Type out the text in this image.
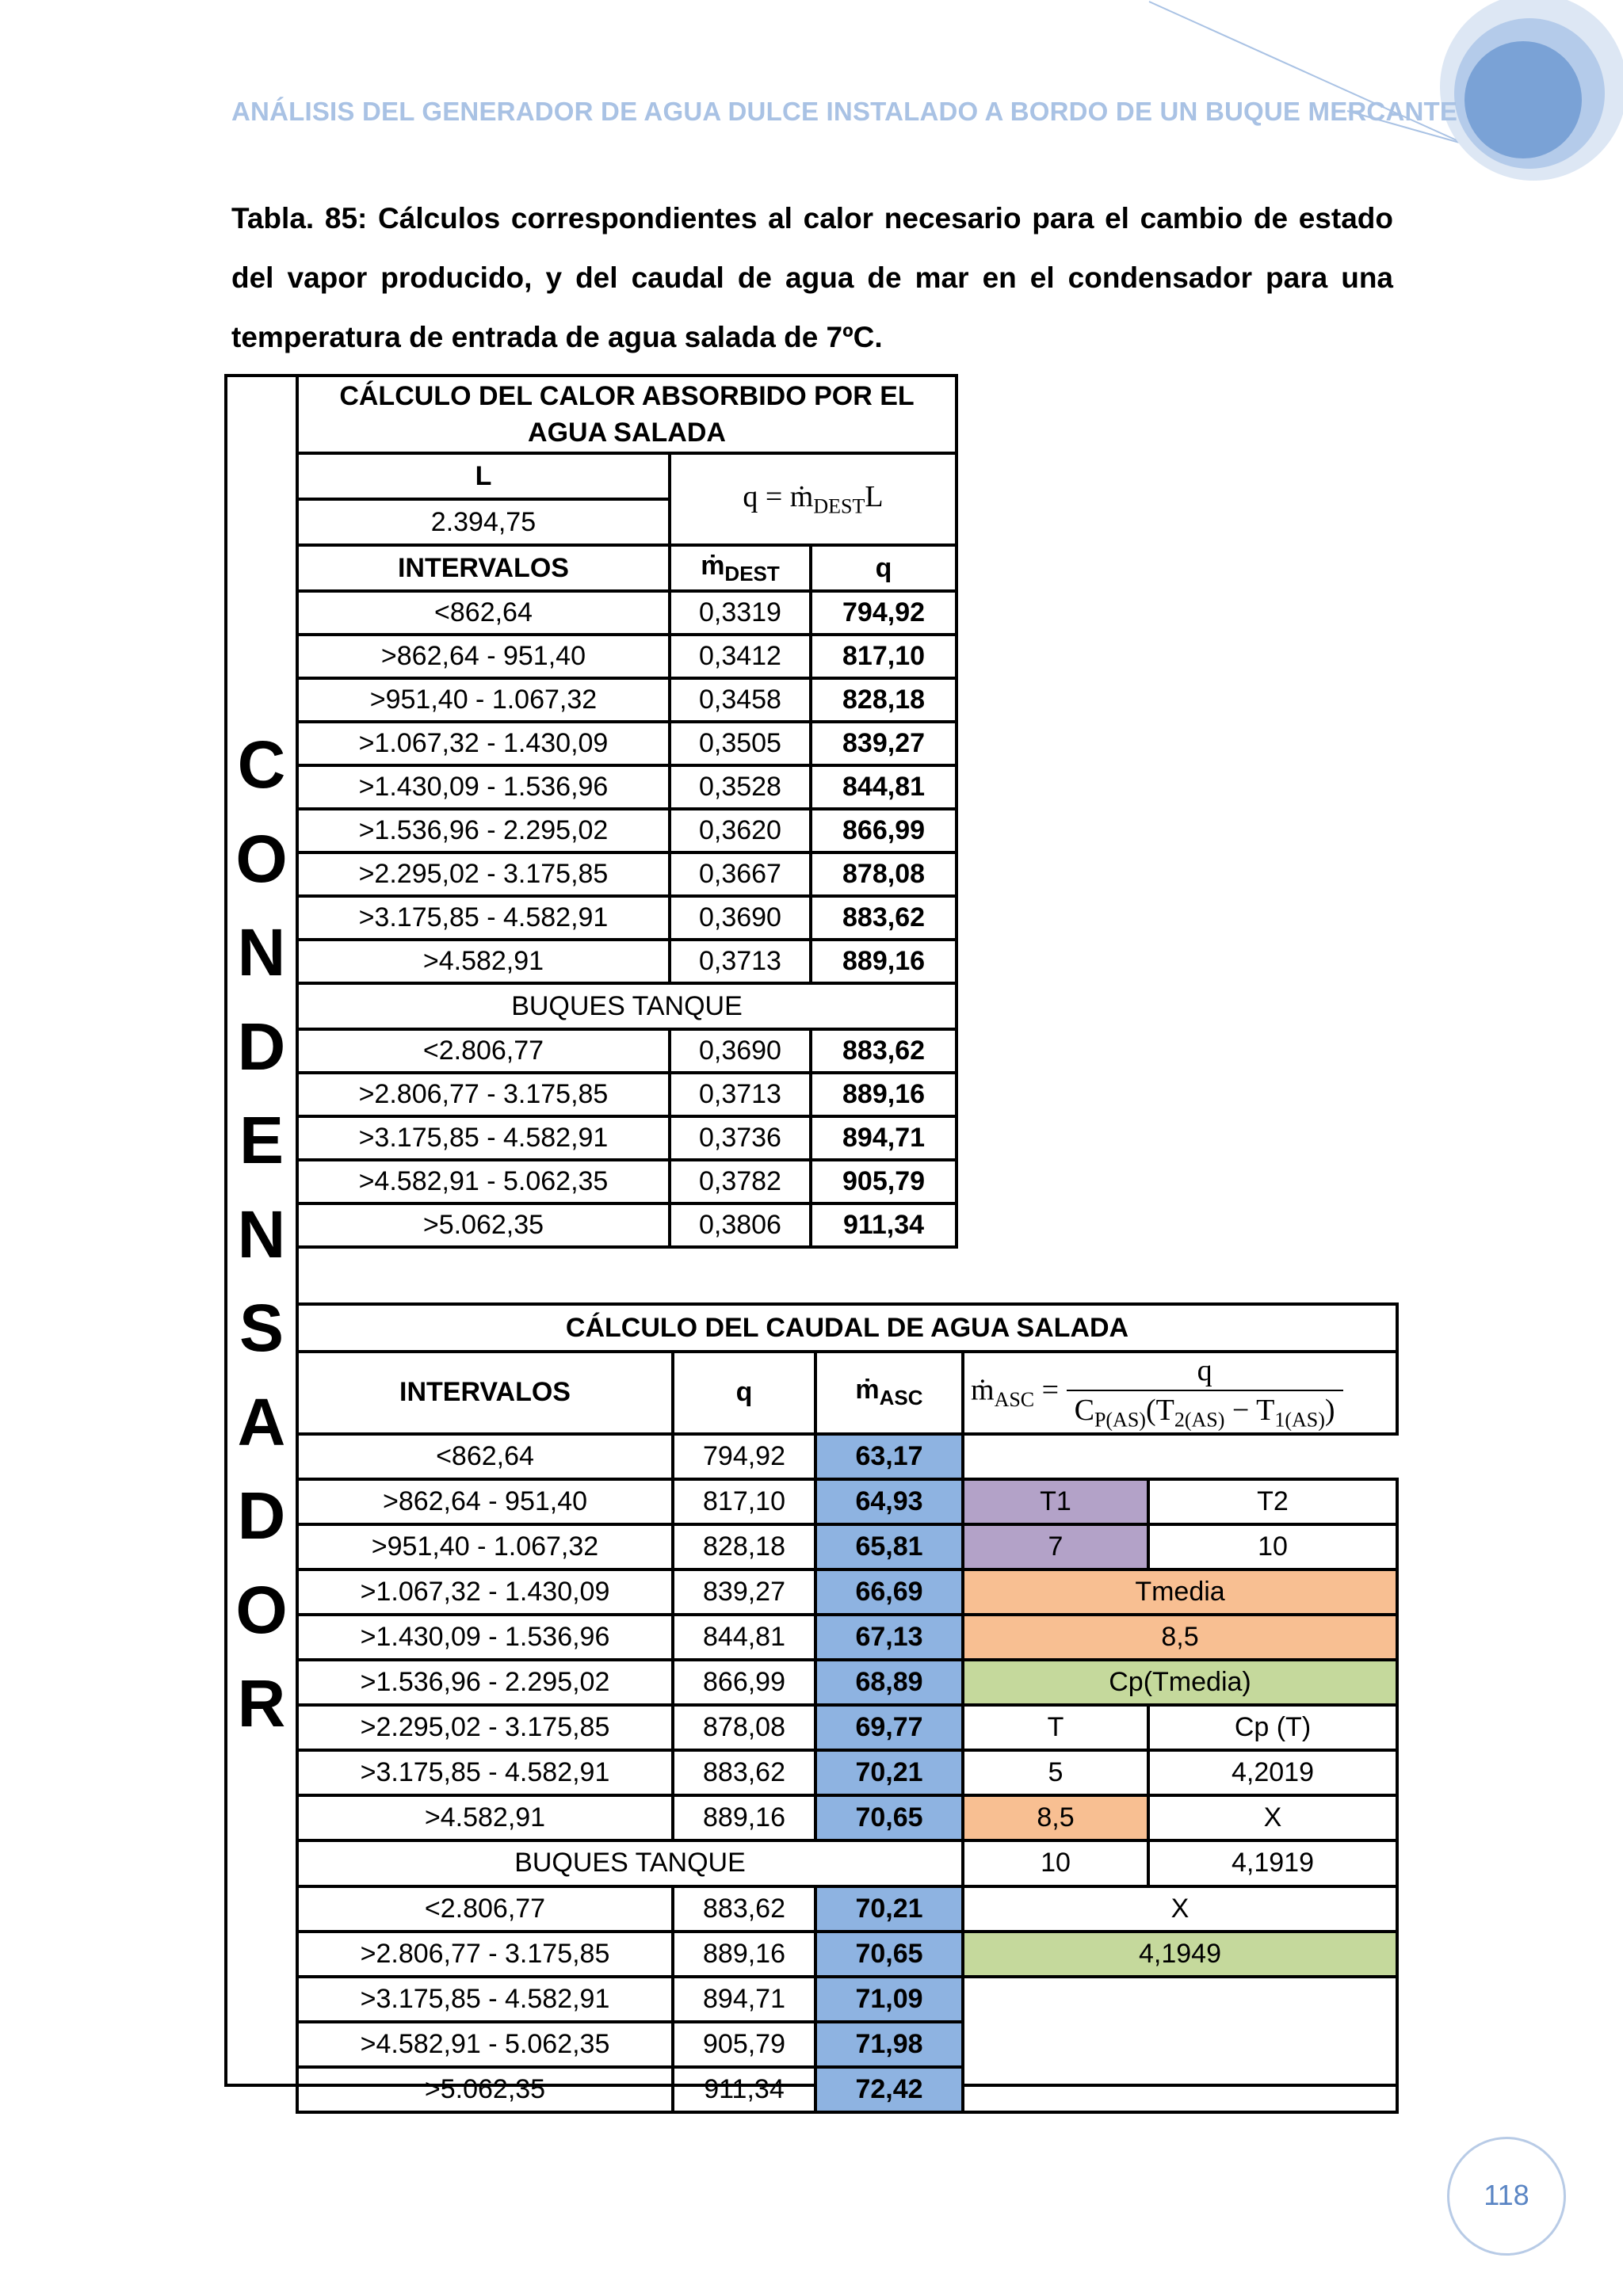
ANÁLISIS DEL GENERADOR DE AGUA DULCE INSTALADO A BORDO DE UN BUQUE MERCANTE
Tabla. 85: Cálculos correspondientes al calor necesario para el cambio de estado del vapor producido, y del caudal de agua de mar en el condensador para una temperatura de entrada de agua salada de 7ºC.
C
O
N
D
E
N
S
A
D
O
R
CÁLCULO DEL CALOR ABSORBIDO POR EL AGUA SALADA		
L	q = ṁ$_{DEST}$L	
2.394,75		
INTERVALOS	ṁ$_{DEST}$	q
<862,64	0,3319	794,92
>862,64 - 951,40	0,3412	817,10
>951,40 - 1.067,32	0,3458	828,18
>1.067,32 - 1.430,09	0,3505	839,27
>1.430,09 - 1.536,96	0,3528	844,81
>1.536,96 - 2.295,02	0,3620	866,99
>2.295,02 - 3.175,85	0,3667	878,08
>3.175,85 - 4.582,91	0,3690	883,62
>4.582,91	0,3713	889,16
BUQUES TANQUE		
<2.806,77	0,3690	883,62
>2.806,77 - 3.175,85	0,3713	889,16
>3.175,85 - 4.582,91	0,3736	894,71
>4.582,91 - 5.062,35	0,3782	905,79
>5.062,35	0,3806	911,34
CÁLCULO DEL CAUDAL DE AGUA SALADA				
INTERVALOS	q	ṁ$_{ASC}$	ṁ$_{ASC}$ = $\frac{q}{C_{P(AS)}(T_{2(AS)} - T_{1(AS)})}$

<862,64	794,92	63,17		
>862,64 - 951,40	817,10	64,93	T1	T2
>951,40 - 1.067,32	828,18	65,81	7	10
>1.067,32 - 1.430,09	839,27	66,69	Tmedia	
>1.430,09 - 1.536,96	844,81	67,13	8,5	
>1.536,96 - 2.295,02	866,99	68,89	Cp(Tmedia)	
>2.295,02 - 3.175,85	878,08	69,77	T	Cp (T)
>3.175,85 - 4.582,91	883,62	70,21	5	4,2019
>4.582,91	889,16	70,65	8,5	X
BUQUES TANQUE			10	4,1919
<2.806,77	883,62	70,21	X	
>2.806,77 - 3.175,85	889,16	70,65	4,1949	
>3.175,85 - 4.582,91	894,71	71,09		
>4.582,91 - 5.062,35	905,79	71,98		
>5.062,35	911,34	72,42		
118
